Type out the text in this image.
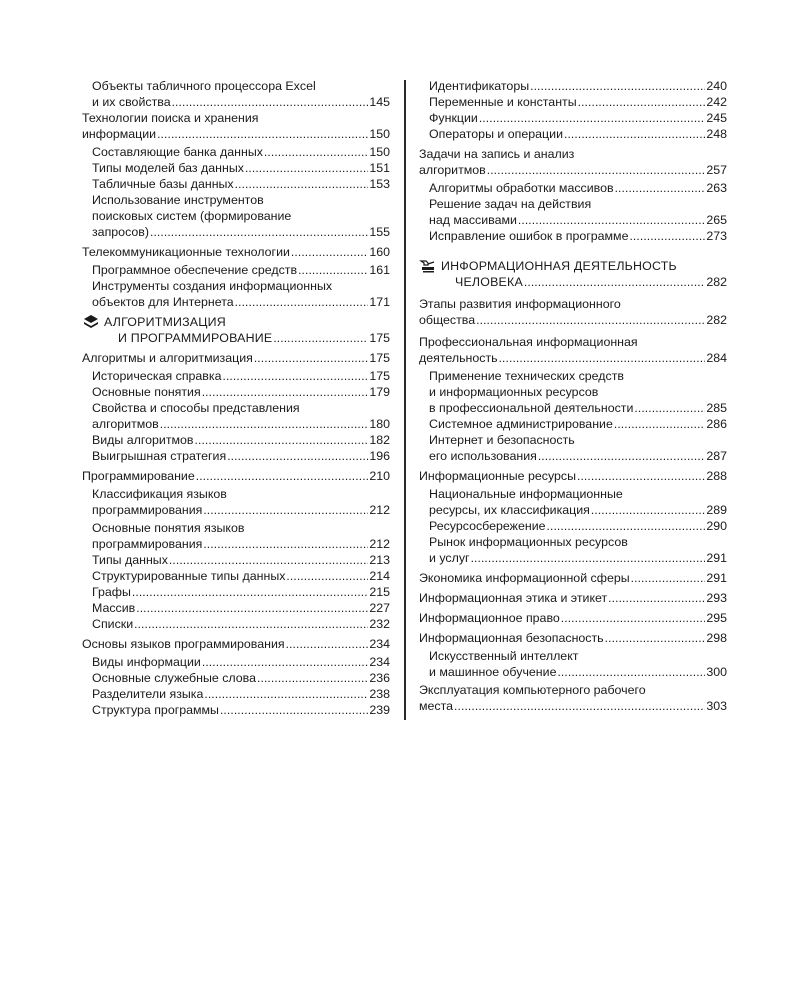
Объекты табличного процессора Excel
и их свойства . . .	145
Технологии поиска и хранения
информации . . .	150
Составляющие банка данных . . .	150
Типы моделей баз данных . . .	151
Табличные базы данных . . .	153
Использование инструментов
поисковых систем (формирование
запросов) . . .	155
Телекоммуникационные технологии . . .	160
Программное обеспечение средств . . .	161
Инструменты создания информационных
объектов для Интернета . . .	171
АЛГОРИТМИЗАЦИЯ
И ПРОГРАММИРОВАНИЕ . . .	175
Алгоритмы и алгоритмизация . . .	175
Историческая справка . . .	175
Основные понятия . . .	179
Свойства и способы представления
алгоритмов . . .	180
Виды алгоритмов . . .	182
Выигрышная стратегия . . .	196
Программирование . . .	210
Классификация языков
программирования . . .	212
Основные понятия языков
программирования . . .	212
Типы данных . . .	213
Структурированные типы данных . . .	214
Графы . . .	215
Массив . . .	227
Списки . . .	232
Основы языков программирования . . .	234
Виды информации . . .	234
Основные служебные слова . . .	236
Разделители языка . . .	238
Структура программы . . .	239
Идентификаторы . . .	240
Переменные и константы . . .	242
Функции . . .	245
Операторы и операции . . .	248
Задачи на запись и анализ
алгоритмов . . .	257
Алгоритмы обработки массивов . . .	263
Решение задач на действия
над массивами . . .	265
Исправление ошибок в программе . . .	273
ИНФОРМАЦИОННАЯ ДЕЯТЕЛЬНОСТЬ
ЧЕЛОВЕКА . . .	282
Этапы развития информационного
общества . . .	282
Профессиональная информационная
деятельность . . .	284
Применение технических средств
и информационных ресурсов
в профессиональной деятельности . . .	285
Системное администрирование . . .	286
Интернет и безопасность
его использования . . .	287
Информационные ресурсы . . .	288
Национальные информационные
ресурсы, их классификация . . .	289
Ресурсосбережение . . .	290
Рынок информационных ресурсов
и услуг . . .	291
Экономика информационной сферы . . .	291
Информационная этика и этикет . . .	293
Информационное право . . .	295
Информационная безопасность . . .	298
Искусственный интеллект
и машинное обучение . . .	300
Эксплуатация компьютерного рабочего
места . . .	303
